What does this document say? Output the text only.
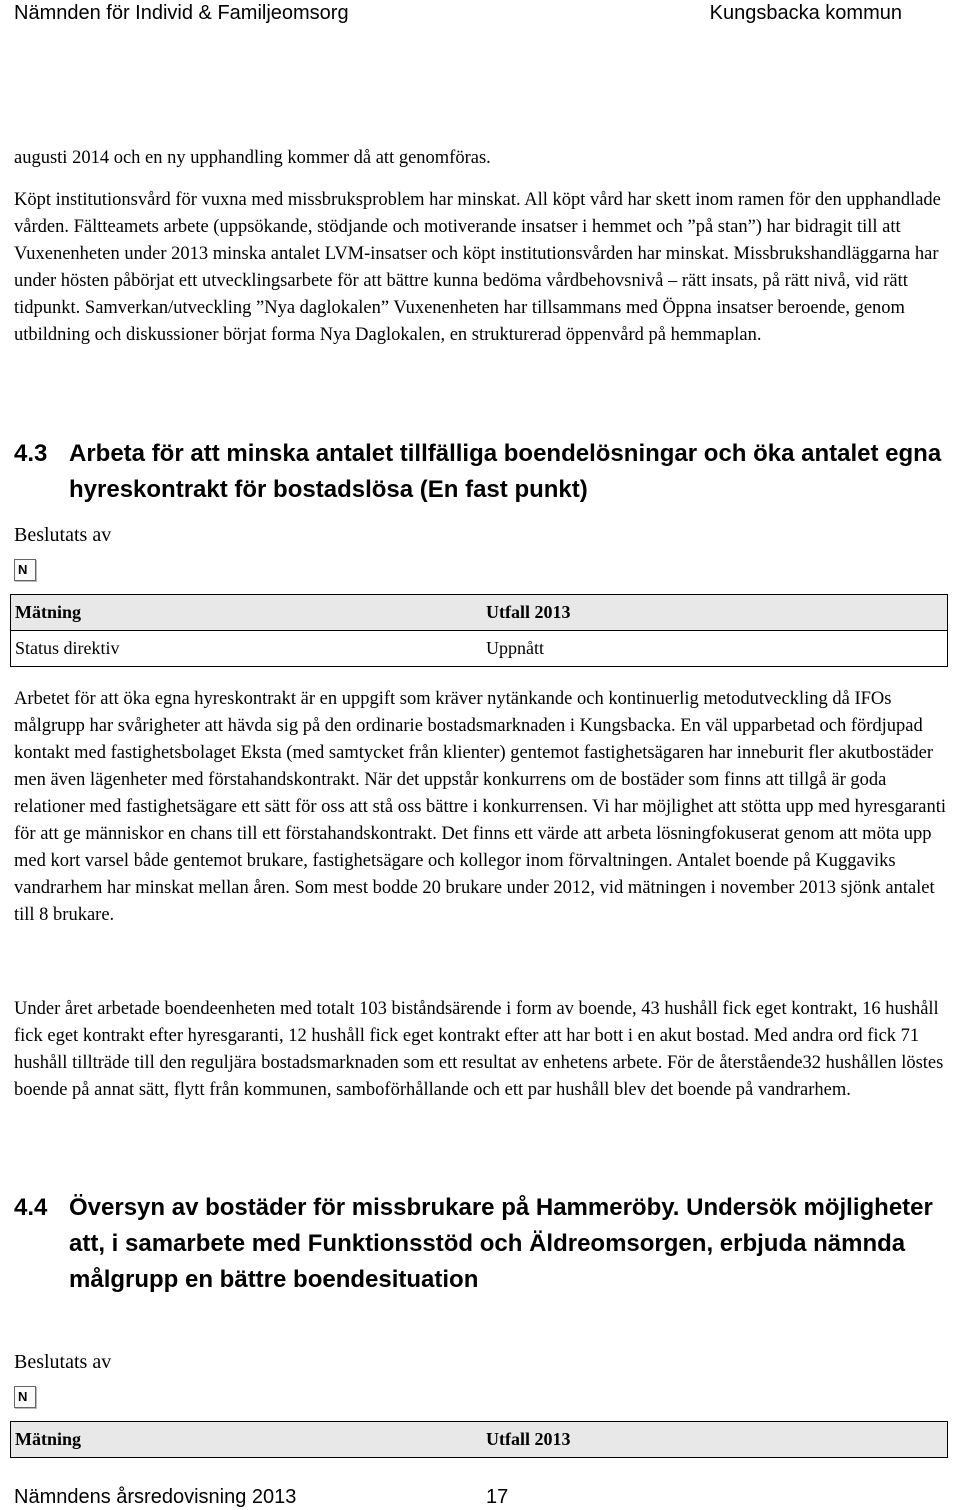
Nämnden för Individ & Familjeomsorg	Kungsbacka kommun

augusti 2014 och en ny upphandling kommer då att genomföras.

Köpt institutionsvård för vuxna med missbruksproblem har minskat. All köpt vård har skett inom ramen för den upphandlade vården. Fältteamets arbete (uppsökande, stödjande och motiverande insatser i hemmet och ”på stan”) har bidragit till att Vuxenenheten under 2013 minska antalet LVM-insatser och köpt institutionsvården har minskat. Missbrukshandläggarna har under hösten påbörjat ett utvecklingsarbete för att bättre kunna bedöma vårdbehovsnivå – rätt insats, på rätt nivå, vid rätt tidpunkt. Samverkan/utveckling ”Nya daglokalen” Vuxenenheten har tillsammans med Öppna insatser beroende, genom utbildning och diskussioner börjat forma Nya Daglokalen, en strukturerad öppenvård på hemmaplan.

4.3 Arbeta för att minska antalet tillfälliga boendelösningar och öka antalet egna hyreskontrakt för bostadslösa (En fast punkt)
Beslutats av
N
Mätning	Utfall 2013
Status direktiv	Uppnått

Arbetet för att öka egna hyreskontrakt är en uppgift som kräver nytänkande och kontinuerlig metodutveckling då IFOs målgrupp har svårigheter att hävda sig på den ordinarie bostadsmarknaden i Kungsbacka. En väl upparbetad och fördjupad kontakt med fastighetsbolaget Eksta (med samtycket från klienter) gentemot fastighetsägaren har inneburit fler akutbostäder men även lägenheter med förstahandskontrakt. När det uppstår konkurrens om de bostäder som finns att tillgå är goda relationer med fastighetsägare ett sätt för oss att stå oss bättre i konkurrensen. Vi har möjlighet att stötta upp med hyresgaranti för att ge människor en chans till ett förstahandskontrakt. Det finns ett värde att arbeta lösningfokuserat genom att möta upp med kort varsel både gentemot brukare, fastighetsägare och kollegor inom förvaltningen. Antalet boende på Kuggaviks vandrarhem har minskat mellan åren. Som mest bodde 20 brukare under 2012, vid mätningen i november 2013 sjönk antalet till 8 brukare.

Under året arbetade boendeenheten med totalt 103 biståndsärende i form av boende, 43 hushåll fick eget kontrakt, 16 hushåll fick eget kontrakt efter hyresgaranti, 12 hushåll fick eget kontrakt efter att har bott i en akut bostad. Med andra ord fick 71 hushåll tillträde till den reguljära bostadsmarknaden som ett resultat av enhetens arbete. För de återstående32 hushållen löstes boende på annat sätt, flytt från kommunen, samboförhållande och ett par hushåll blev det boende på vandrarhem.

4.4 Översyn av bostäder för missbrukare på Hammeröby. Undersök möjligheter att, i samarbete med Funktionsstöd och Äldreomsorgen, erbjuda nämnda målgrupp en bättre boendesituation
Beslutats av
N
Mätning	Utfall 2013
Nämndens årsredovisning 2013	17
